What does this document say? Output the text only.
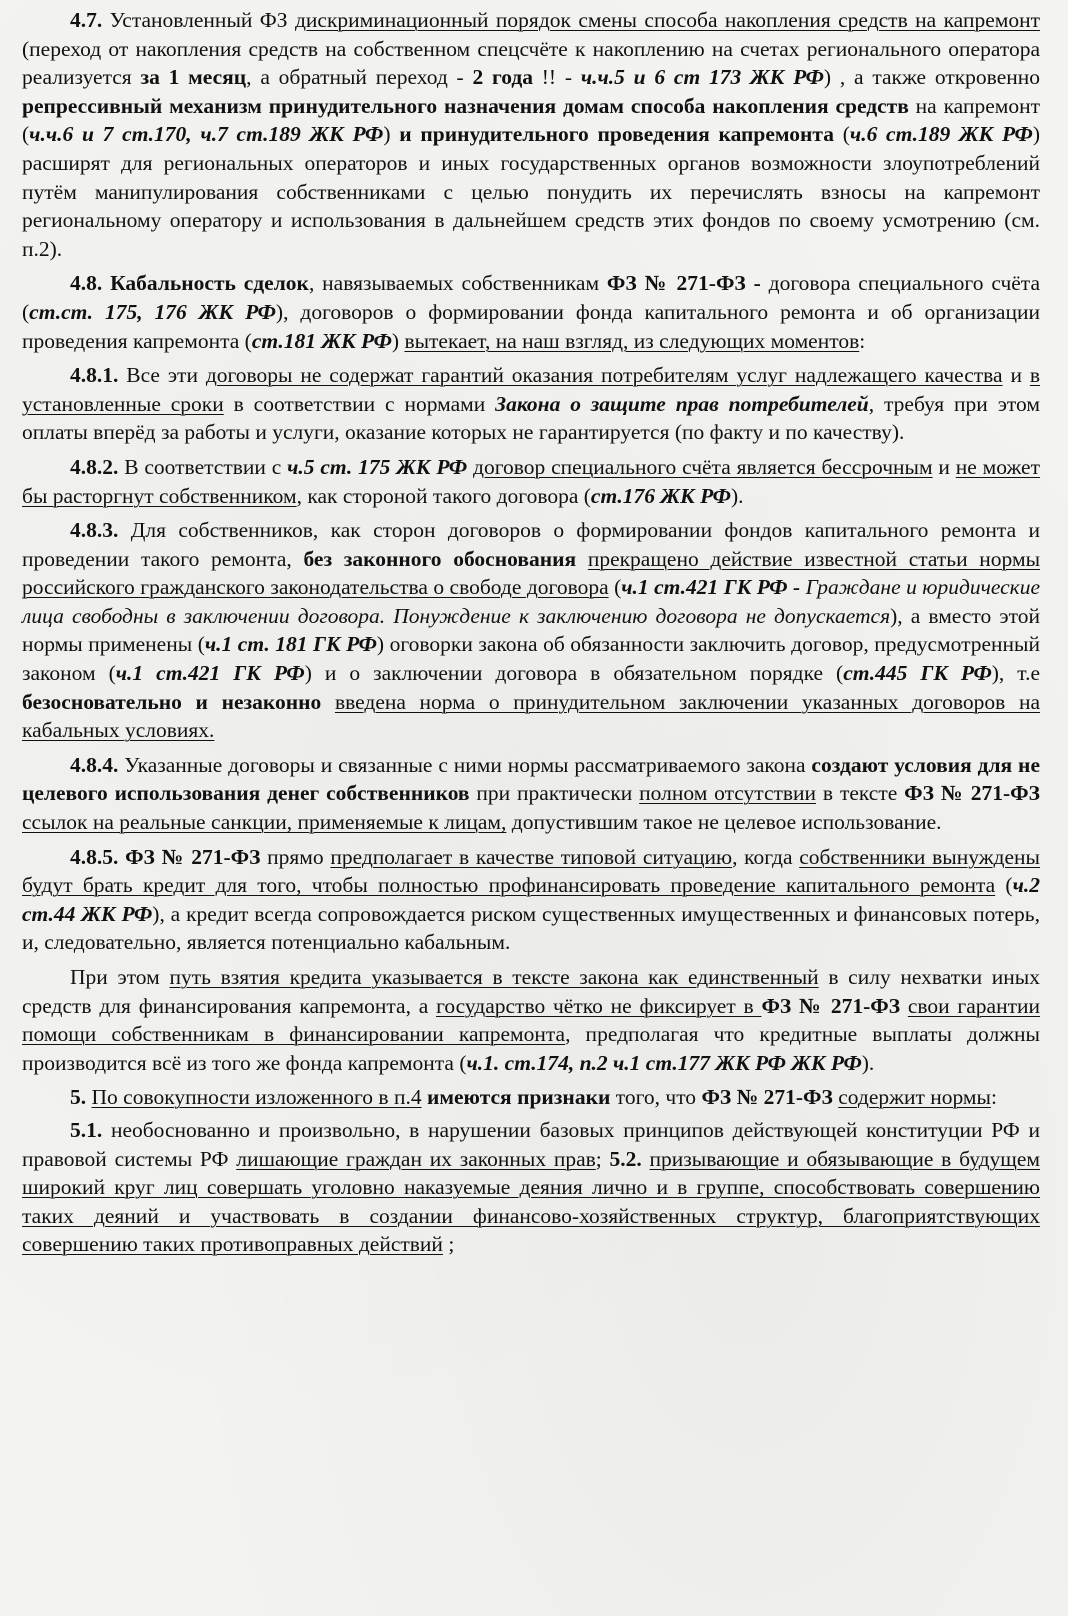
4.7. Установленный ФЗ дискриминационный порядок смены способа накопления средств на капремонт (переход от накопления средств на собственном спецсчёте к накоплению на счетах регионального оператора реализуется за 1 месяц, а обратный переход - 2 года !! - ч.ч.5 и 6 ст 173 ЖК РФ) , а также откровенно репрессивный механизм принудительного назначения домам способа накопления средств на капремонт (ч.ч.6 и 7 ст.170, ч.7 ст.189 ЖК РФ) и принудительного проведения капремонта (ч.6 ст.189 ЖК РФ) расширят для региональных операторов и иных государственных органов возможности злоупотреблений путём манипулирования собственниками с целью понудить их перечислять взносы на капремонт региональному оператору и использования в дальнейшем средств этих фондов по своему усмотрению (см. п.2).

4.8. Кабальность сделок, навязываемых собственникам ФЗ № 271-ФЗ - договора специального счёта (ст.ст. 175, 176 ЖК РФ), договоров о формировании фонда капитального ремонта и об организации проведения капремонта (ст.181 ЖК РФ) вытекает, на наш взгляд, из следующих моментов:

4.8.1. Все эти договоры не содержат гарантий оказания потребителям услуг надлежащего качества и в установленные сроки в соответствии с нормами Закона о защите прав потребителей, требуя при этом оплаты вперёд за работы и услуги, оказание которых не гарантируется (по факту и по качеству).

4.8.2. В соответствии с ч.5 ст. 175 ЖК РФ договор специального счёта является бессрочным и не может бы расторгнут собственником, как стороной такого договора (ст.176 ЖК РФ).

4.8.3. Для собственников, как сторон договоров о формировании фондов капитального ремонта и проведении такого ремонта, без законного обоснования прекращено действие известной статьи нормы российского гражданского законодательства о свободе договора (ч.1 ст.421 ГК РФ - Граждане и юридические лица свободны в заключении договора. Понуждение к заключению договора не допускается), а вместо этой нормы применены (ч.1 ст. 181 ГК РФ) оговорки закона об обязанности заключить договор, предусмотренный законом (ч.1 ст.421 ГК РФ) и о заключении договора в обязательном порядке (ст.445 ГК РФ), т.е безосновательно и незаконно введена норма о принудительном заключении указанных договоров на кабальных условиях.

4.8.4. Указанные договоры и связанные с ними нормы рассматриваемого закона создают условия для не целевого использования денег собственников при практически полном отсутствии в тексте ФЗ № 271-ФЗ ссылок на реальные санкции, применяемые к лицам, допустившим такое не целевое использование.

4.8.5. ФЗ № 271-ФЗ прямо предполагает в качестве типовой ситуацию, когда собственники вынуждены будут брать кредит для того, чтобы полностью профинансировать проведение капитального ремонта (ч.2 ст.44 ЖК РФ), а кредит всегда сопровождается риском существенных имущественных и финансовых потерь, и, следовательно, является потенциально кабальным.

При этом путь взятия кредита указывается в тексте закона как единственный в силу нехватки иных средств для финансирования капремонта, а государство чётко не фиксирует в ФЗ № 271-ФЗ свои гарантии помощи собственникам в финансировании капремонта, предполагая что кредитные выплаты должны производится всё из того же фонда капремонта (ч.1. ст.174, п.2 ч.1 ст.177 ЖК РФ ЖК РФ).

5. По совокупности изложенного в п.4 имеются признаки того, что ФЗ № 271-ФЗ содержит нормы:

5.1. необоснованно и произвольно, в нарушении базовых принципов действующей конституции РФ и правовой системы РФ лишающие граждан их законных прав; 5.2. призывающие и обязывающие в будущем широкий круг лиц совершать уголовно наказуемые деяния лично и в группе, способствовать совершению таких деяний и участвовать в создании финансово-хозяйственных структур, благоприятствующих совершению таких противоправных действий ;
